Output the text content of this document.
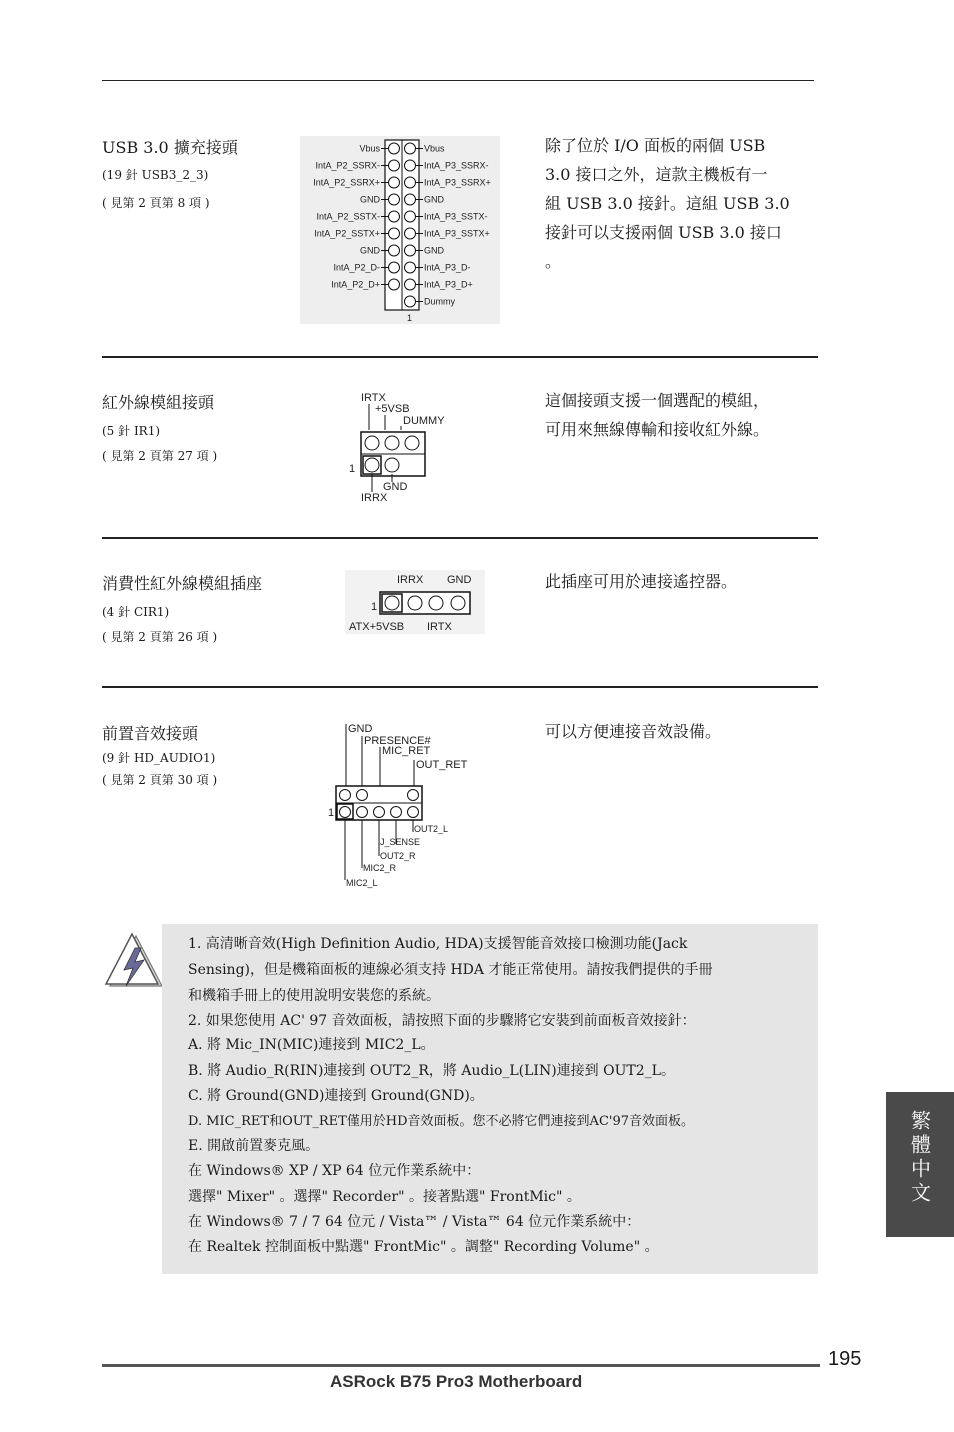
USB 3.0 擴充接頭
(19 針 USB3_2_3)
( 見第 2 頁第 8 項 )
除了位於 I/O 面板的兩個 USB
3.0 接口之外，這款主機板有一
組 USB 3.0 接針。這組 USB 3.0
接針可以支援兩個 USB 3.0 接口
。
Vbus
Vbus
IntA_P3_SSRX-
IntA_P2_SSRX-
IntA_P3_SSRX+
IntA_P2_SSRX+
GND
GND
IntA_P3_SSTX-
IntA_P2_SSTX-
IntA_P3_SSTX+
IntA_P2_SSTX+
GND
GND
IntA_P3_D-
IntA_P2_D-
IntA_P3_D+
IntA_P2_D+
Dummy
1
紅外線模組接頭
(5 針 IR1)
( 見第 2 頁第 27 項 )
這個接頭支援一個選配的模組，
可用來無線傳輸和接收紅外線。
IRTX
+5VSB
DUMMY
1
GND
IRRX
消費性紅外線模組插座
(4 針 CIR1)
( 見第 2 頁第 26 項 )
此插座可用於連接遙控器。
IRRX GND
1
ATX+5VSB IRTX
前置音效接頭
(9 針 HD_AUDIO1)
( 見第 2 頁第 30 項 )
可以方便連接音效設備。
GND
PRESENCE#
MIC_RET
OUT_RET
1
OUT2_L
J_SENSE
OUT2_R
MIC2_R
MIC2_L
1. 高清晰音效(High Definition Audio, HDA)支援智能音效接口檢測功能(Jack
Sensing)，但是機箱面板的連線必須支持 HDA 才能正常使用。請按我們提供的手冊
和機箱手冊上的使用說明安裝您的系統。
2. 如果您使用 AC' 97 音效面板，請按照下面的步驟將它安裝到前面板音效接針：
A. 將 Mic_IN(MIC)連接到 MIC2_L。
B. 將 Audio_R(RIN)連接到 OUT2_R，將 Audio_L(LIN)連接到 OUT2_L。
C. 將 Ground(GND)連接到 Ground(GND)。
D. MIC_RET和OUT_RET僅用於HD音效面板。您不必將它們連接到AC'97音效面板。
E. 開啟前置麥克風。
在 Windows® XP / XP 64 位元作業系統中：
選擇" Mixer" 。選擇" Recorder" 。接著點選" FrontMic" 。
在 Windows® 7 / 7 64 位元 / Vista™ / Vista™ 64 位元作業系統中：
在 Realtek 控制面板中點選" FrontMic" 。調整" Recording Volume" 。
繁體中文
195
ASRock B75 Pro3 Motherboard
